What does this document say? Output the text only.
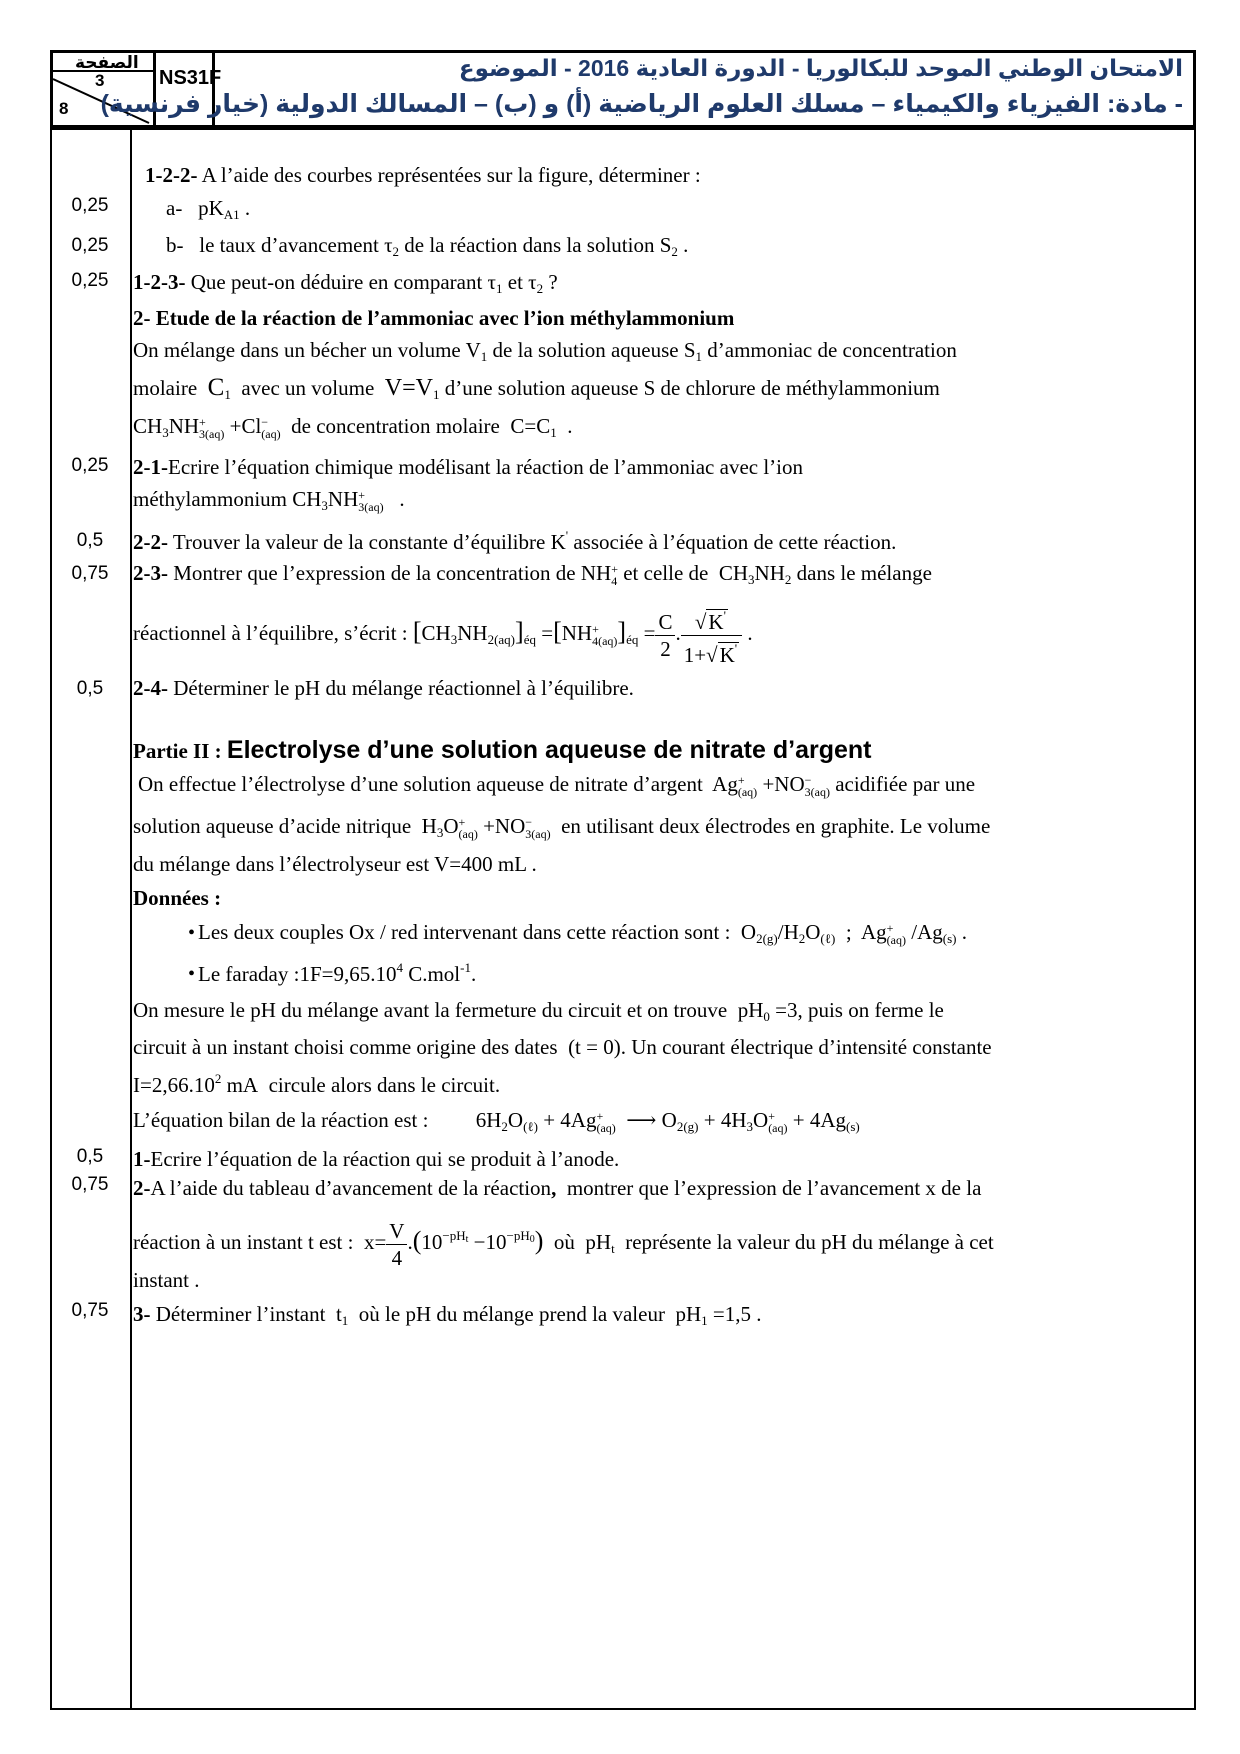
الصفحة
3
8
NS31F	الامتحان الوطني الموحد للبكالوريا - الدورة العادية 2016 - الموضوع
- مادة: الفيزياء والكيمياء – مسلك العلوم الرياضية (أ) و (ب) – المسالك الدولية (خيار فرنسية)
0,25
0,25
0,25
0,25
0,5
0,75
0,5
0,5
0,75
0,75
1-2-2- A l’aide des courbes représentées sur la figure, déterminer :
a-   $pK_{A1}$ .
b- le taux d’avancement $\tau_2$ de la réaction dans la solution $S_2$ .
1-2-3- Que peut-on déduire en comparant $\tau_1$ et $\tau_2$ ?
2- Etude de la réaction de l’ammoniac avec l’ion méthylammonium
On mélange dans un bécher un volume $V_1$ de la solution aqueuse $S_1$ d’ammoniac de concentration
molaire $C_1$ avec un volume $V=V_1$ d’une solution aqueuse S de chlorure de méthylammonium
$CH_3NH$ +
3(aq) +Cl −
(aq) de concentration molaire  $C=C_1$  .
2-1-Ecrire l’équation chimique modélisant la réaction de l’ammoniac avec l’ion
méthylammonium $CH_3NH$ +
3(aq) .
2-2- Trouver la valeur de la constante d’équilibre K' associée à l’équation de cette réaction.
2-3- Montrer que l’expression de la concentration de NH +
4 et celle de  $CH_3NH_2$ dans le mélange
réactionnel à l’équilibre, s’écrit : $[CH_3NH_{2(aq)}]_{éq} =[NH$ +
4(aq) ]$_{éq} = \frac{C}{2}$ . $\frac{√K'}{1+√K'}$ .
2-4- Déterminer le pH du mélange réactionnel à l’équilibre.
Partie II : Electrolyse d’une solution aqueuse de nitrate d’argent
On effectue l’électrolyse d’une solution aqueuse de nitrate d’argent  Ag +
(aq) +NO −
3(aq) acidifiée par une
solution aqueuse d’acide nitrique  $H_3O$ +
(aq) +NO −
3(aq) en utilisant deux électrodes en graphite. Le volume
du mélange dans l’électrolyseur est V=400 mL .
Données :
• Les deux couples Ox / red intervenant dans cette réaction sont :  $O_{2(g)}/H_2O_{(\ell)}$  ;  Ag +
(aq) $/Ag_{(s)}$ .
• Le faraday $:1F=9,65.10^4$ C.mol$^{-1}$.
On mesure le pH du mélange avant la fermeture du circuit et on trouve  $pH_0 =3$, puis on ferme le
circuit à un instant choisi comme origine des dates  (t = 0). Un courant électrique d’intensité constante
$I=2,66.10^2$ mA  circule alors dans le circuit.
L’équation bilan de la réaction est :         $6H_2O_{(\ell)} + 4Ag$ +
(aq) ⟶ $O_{2(g)} + 4H_3O$ +
$(aq) + 4Ag_{(s)}$
1-Ecrire l’équation de la réaction qui se produit à l’anode.
2-A l’aide du tableau d’avancement de la réaction, montrer que l’expression de l’avancement x de la
réaction à un instant t est :  $x= \frac{V}{4} .(10^{-pH_t} -10^{-pH_0})$ où  $pH_t$ représente la valeur du pH du mélange à cet
instant .
3- Déterminer l’instant  $t_1$ où le pH du mélange prend la valeur  $pH_1 =1,5$ .
